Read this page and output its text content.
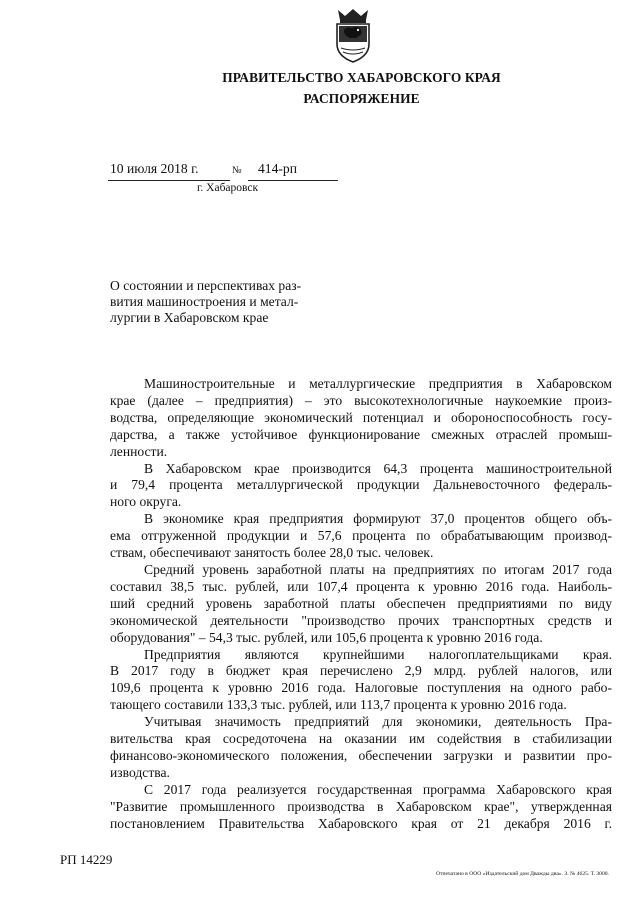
ПРАВИТЕЛЬСТВО ХАБАРОВСКОГО КРАЯ
РАСПОРЯЖЕНИЕ
10 июля 2018 г.	№ 414-рп
г. Хабаровск
О состоянии и перспективах раз-
вития машиностроения и метал-
лургии в Хабаровском крае
Машиностроительные и металлургические предприятия в Хабаровском
крае (далее – предприятия) – это высокотехнологичные наукоемкие произ-
водства, определяющие экономический потенциал и обороноспособность госу-
дарства, а также устойчивое функционирование смежных отраслей промыш-
ленности.
В Хабаровском крае производится 64,3 процента машиностроительной
и 79,4 процента металлургической продукции Дальневосточного федераль-
ного округа.
В экономике края предприятия формируют 37,0 процентов общего объ-
ема отгруженной продукции и 57,6 процента по обрабатывающим производ-
ствам, обеспечивают занятость более 28,0 тыс. человек.
Средний уровень заработной платы на предприятиях по итогам 2017 года
составил 38,5 тыс. рублей, или 107,4 процента к уровню 2016 года. Наиболь-
ший средний уровень заработной платы обеспечен предприятиями по виду
экономической деятельности "производство прочих транспортных средств и
оборудования" – 54,3 тыс. рублей, или 105,6 процента к уровню 2016 года.
Предприятия являются крупнейшими налогоплательщиками края.
В 2017 году в бюджет края перечислено 2,9 млрд. рублей налогов, или
109,6 процента к уровню 2016 года. Налоговые поступления на одного рабо-
тающего составили 133,3 тыс. рублей, или 113,7 процента к уровню 2016 года.
Учитывая значимость предприятий для экономики, деятельность Пра-
вительства края сосредоточена на оказании им содействия в стабилизации
финансово-экономического положения, обеспечении загрузки и развитии про-
изводства.
С 2017 года реализуется государственная программа Хабаровского края
"Развитие промышленного производства в Хабаровском крае", утвержденная
постановлением Правительства Хабаровского края от 21 декабря 2016 г.
РП 14229
Отпечатано в ООО «Издательский дом Дважды два». З. № 4625. Т. 3000.
